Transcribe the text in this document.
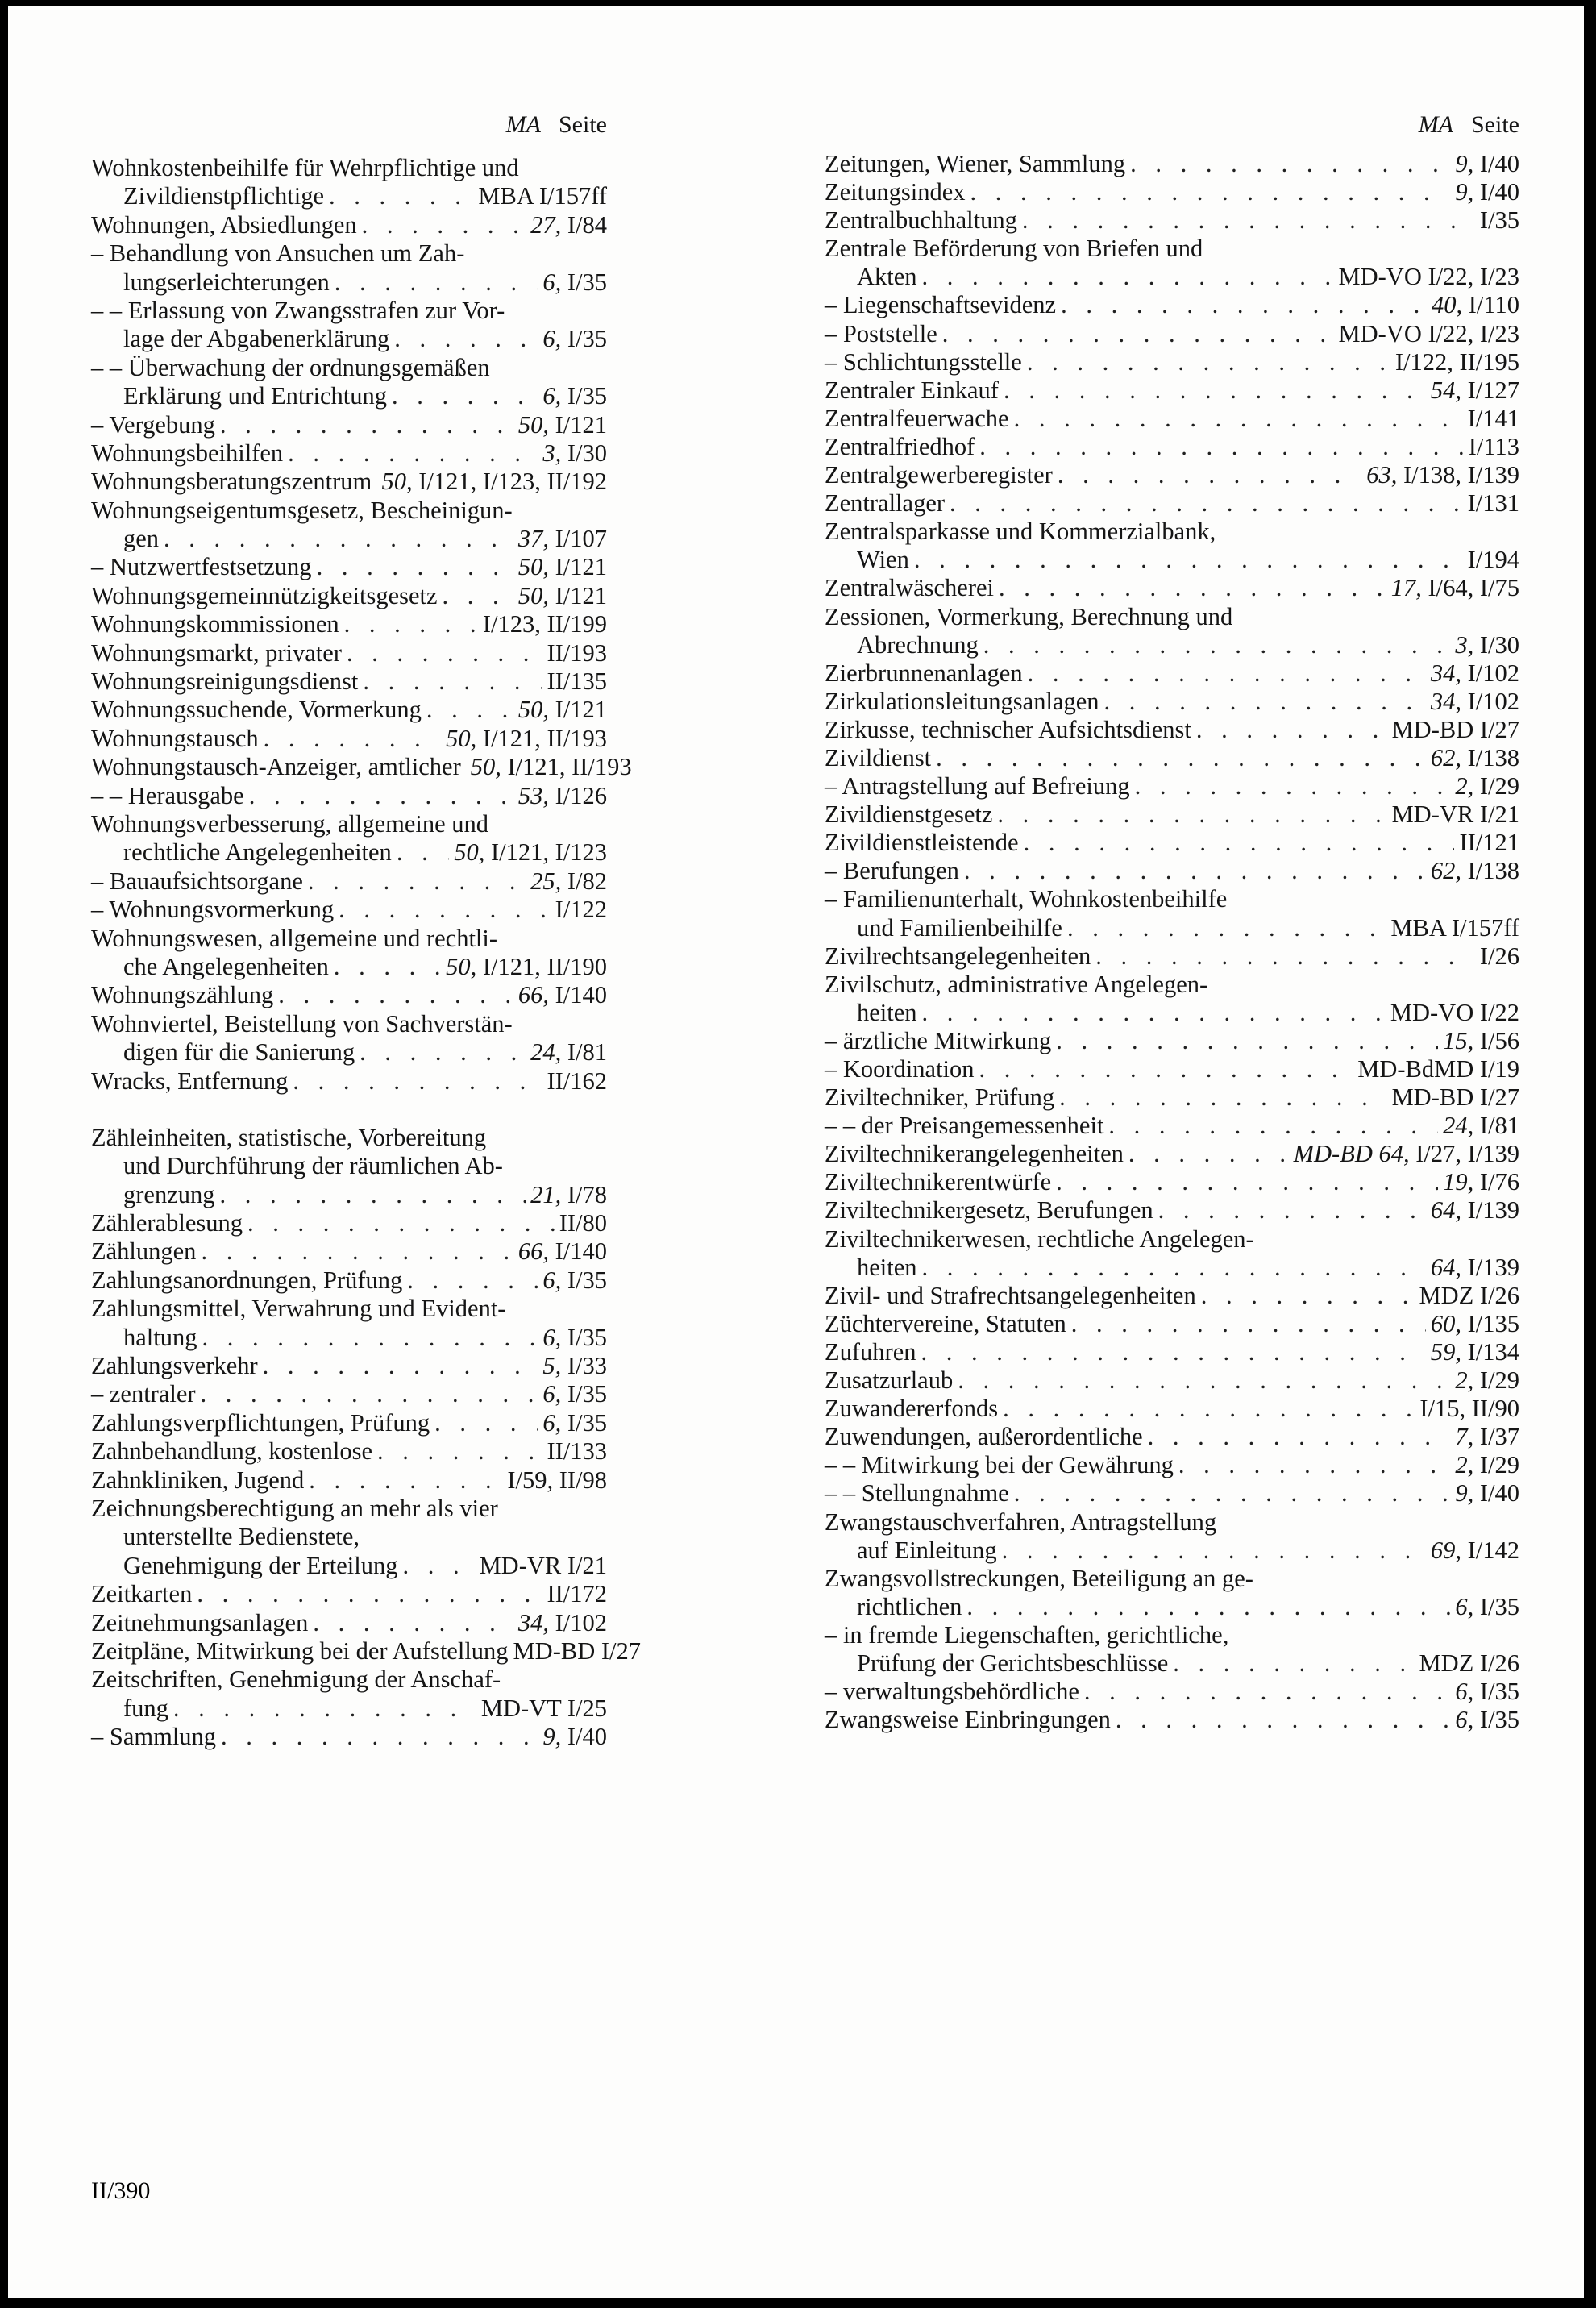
MA Seite
Wohnkostenbeihilfe für Wehrpflichtige und
Zivildienstpflichtige . . .	MBA I/157ff
Wohnungen, Absiedlungen . . .	27, I/84
– Behandlung von Ansuchen um Zah-
lungserleichterungen . . .	6, I/35
– – Erlassung von Zwangsstrafen zur Vor-
lage der Abgabenerklärung . . .	6, I/35
– – Überwachung der ordnungsgemäßen
Erklärung und Entrichtung . . .	6, I/35
– Vergebung . . .	50, I/121
Wohnungsbeihilfen . . .	3, I/30
Wohnungsberatungszentrum . . . 50, I/121, I/123, II/192
Wohnungseigentumsgesetz, Bescheinigun-
gen . . .	37, I/107
– Nutzwertfestsetzung . . .	50, I/121
Wohnungsgemeinnützigkeitsgesetz . . .	50, I/121
Wohnungskommissionen . . .	I/123, II/199
Wohnungsmarkt, privater . . .	II/193
Wohnungsreinigungsdienst . . .	II/135
Wohnungssuchende, Vormerkung . . .	50, I/121
Wohnungstausch . . .	50, I/121, II/193
Wohnungstausch-Anzeiger, amtlicher . . . 50, I/121, II/193
– – Herausgabe . . .	53, I/126
Wohnungsverbesserung, allgemeine und
rechtliche Angelegenheiten . . .	50, I/121, I/123
– Bauaufsichtsorgane . . .	25, I/82
– Wohnungsvormerkung . . .	I/122
Wohnungswesen, allgemeine und rechtli-
che Angelegenheiten . . .	50, I/121, II/190
Wohnungszählung . . .	66, I/140
Wohnviertel, Beistellung von Sachverstän-
digen für die Sanierung . . .	24, I/81
Wracks, Entfernung . . .	II/162
Zähleinheiten, statistische, Vorbereitung
und Durchführung der räumlichen Ab-
grenzung . . .	21, I/78
Zählerablesung . . .	II/80
Zählungen . . .	66, I/140
Zahlungsanordnungen, Prüfung . . .	6, I/35
Zahlungsmittel, Verwahrung und Evident-
haltung . . .	6, I/35
Zahlungsverkehr . . .	5, I/33
– zentraler . . .	6, I/35
Zahlungsverpflichtungen, Prüfung . . .	6, I/35
Zahnbehandlung, kostenlose . . .	II/133
Zahnkliniken, Jugend . . .	I/59, II/98
Zeichnungsberechtigung an mehr als vier
unterstellte Bedienstete,
Genehmigung der Erteilung . . .	MD-VR I/21
Zeitkarten . . .	II/172
Zeitnehmungsanlagen . . .	34, I/102
Zeitpläne, Mitwirkung bei der Aufstellung MD-BD I/27
Zeitschriften, Genehmigung der Anschaf-
fung . . .	MD-VT I/25
– Sammlung . . .	9, I/40
MA Seite
Zeitungen, Wiener, Sammlung . . .	9, I/40
Zeitungsindex . . .	9, I/40
Zentralbuchhaltung . . .	I/35
Zentrale Beförderung von Briefen und
Akten . . .	MD-VO I/22, I/23
– Liegenschaftsevidenz . . .	40, I/110
– Poststelle . . .	MD-VO I/22, I/23
– Schlichtungsstelle . . .	I/122, II/195
Zentraler Einkauf . . .	54, I/127
Zentralfeuerwache . . .	I/141
Zentralfriedhof . . .	I/113
Zentralgewerberegister . . .	63, I/138, I/139
Zentrallager . . .	I/131
Zentralsparkasse und Kommerzialbank,
Wien . . .	I/194
Zentralwäscherei . . .	17, I/64, I/75
Zessionen, Vormerkung, Berechnung und
Abrechnung . . .	3, I/30
Zierbrunnenanlagen . . .	34, I/102
Zirkulationsleitungsanlagen . . .	34, I/102
Zirkusse, technischer Aufsichtsdienst . . .	MD-BD I/27
Zivildienst . . .	62, I/138
– Antragstellung auf Befreiung . . .	2, I/29
Zivildienstgesetz . . .	MD-VR I/21
Zivildienstleistende . . .	II/121
– Berufungen . . .	62, I/138
– Familienunterhalt, Wohnkostenbeihilfe
und Familienbeihilfe . . .	MBA I/157ff
Zivilrechtsangelegenheiten . . .	I/26
Zivilschutz, administrative Angelegen-
heiten . . .	MD-VO I/22
– ärztliche Mitwirkung . . .	15, I/56
– Koordination . . .	MD-BdMD I/19
Ziviltechniker, Prüfung . . .	MD-BD I/27
– – der Preisangemessenheit . . .	24, I/81
Ziviltechnikerangelegenheiten . . .	MD-BD 64, I/27, I/139
Ziviltechnikerentwürfe . . .	19, I/76
Ziviltechnikergesetz, Berufungen . . .	64, I/139
Ziviltechnikerwesen, rechtliche Angelegen-
heiten . . .	64, I/139
Zivil- und Strafrechtsangelegenheiten . . .	MDZ I/26
Züchtervereine, Statuten . . .	60, I/135
Zufuhren . . .	59, I/134
Zusatzurlaub . . .	2, I/29
Zuwandererfonds . . .	I/15, II/90
Zuwendungen, außerordentliche . . .	7, I/37
– – Mitwirkung bei der Gewährung . . .	2, I/29
– – Stellungnahme . . .	9, I/40
Zwangstauschverfahren, Antragstellung
auf Einleitung . . .	69, I/142
Zwangsvollstreckungen, Beteiligung an ge-
richtlichen . . .	6, I/35
– in fremde Liegenschaften, gerichtliche,
Prüfung der Gerichtsbeschlüsse . . .	MDZ I/26
– verwaltungsbehördliche . . .	6, I/35
Zwangsweise Einbringungen . . .	6, I/35
II/390
